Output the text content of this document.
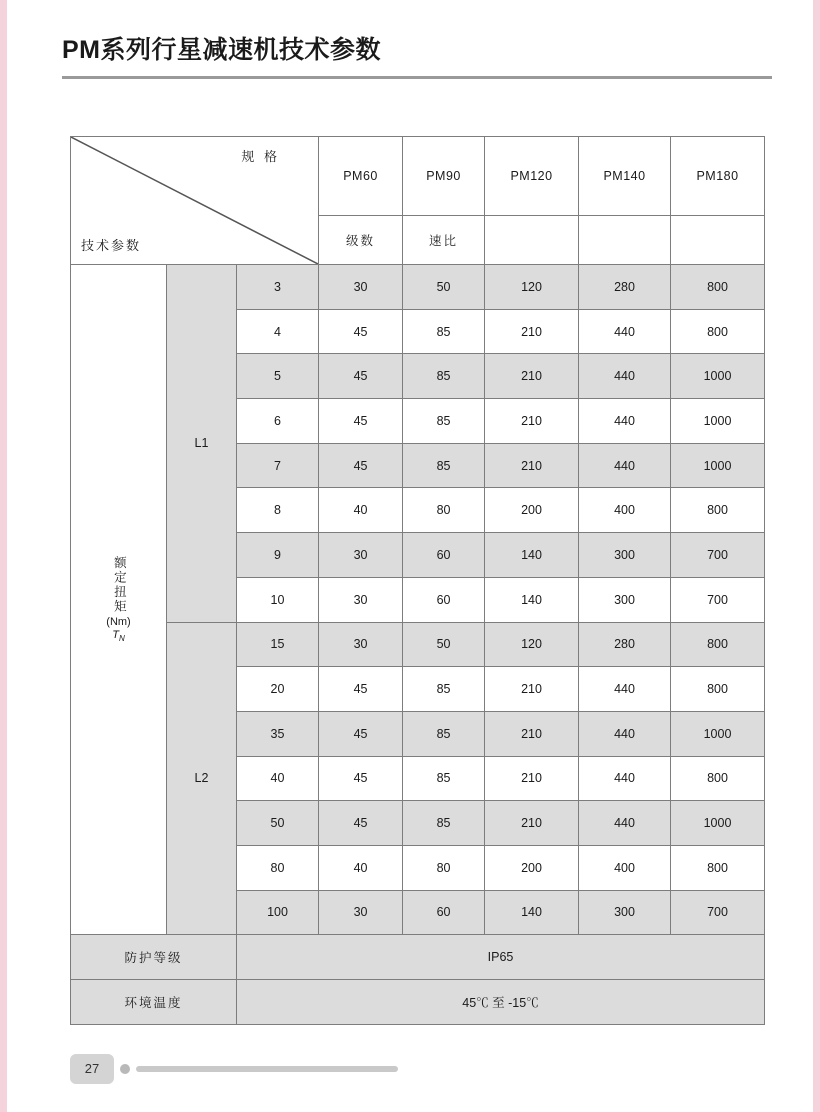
PM系列行星减速机技术参数
规 格
技术参数			PM60	PM90	PM120	PM140	PM180	
			级数	速比					

额定扭矩
(Nm)
$T_N$	L1	3	30	50	120	280	800	
		4	45	85	210	440	800	
		5	45	85	210	440	1000	
		6	45	85	210	440	1000	
		7	45	85	210	440	1000	
		8	40	80	200	400	800	
		9	30	60	140	300	700	
		10	30	60	140	300	700	
	L2	15	30	50	120	280	800	
		20	45	85	210	440	800	
		35	45	85	210	440	1000	
		40	45	85	210	440	800	
		50	45	85	210	440	1000	
		80	40	80	200	400	800	
		100	30	60	140	300	700	
防护等级		IP65						
环境温度		45℃ 至 -15℃						
27
